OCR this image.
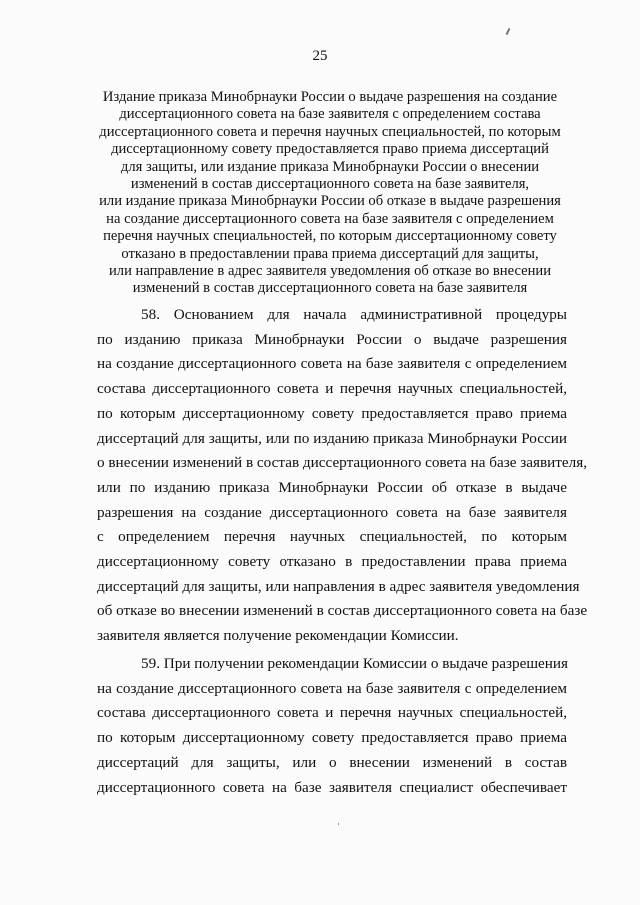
25
Издание приказа Минобрнауки России о выдаче разрешения на создание
диссертационного совета на базе заявителя с определением состава
диссертационного совета и перечня научных специальностей, по которым
диссертационному совету предоставляется право приема диссертаций
для защиты, или издание приказа Минобрнауки России о внесении
изменений в состав диссертационного совета на базе заявителя,
или издание приказа Минобрнауки России об отказе в выдаче разрешения
на создание диссертационного совета на базе заявителя с определением
перечня научных специальностей, по которым диссертационному совету
отказано в предоставлении права приема диссертаций для защиты,
или направление в адрес заявителя уведомления об отказе во внесении
изменений в состав диссертационного совета на базе заявителя
58. Основанием для начала административной процедуры
по изданию приказа Минобрнауки России о выдаче разрешения
на создание диссертационного совета на базе заявителя с определением
состава диссертационного совета и перечня научных специальностей,
по которым диссертационному совету предоставляется право приема
диссертаций для защиты, или по изданию приказа Минобрнауки России
о внесении изменений в состав диссертационного совета на базе заявителя,
или по изданию приказа Минобрнауки России об отказе в выдаче
разрешения на создание диссертационного совета на базе заявителя
с определением перечня научных специальностей, по которым
диссертационному совету отказано в предоставлении права приема
диссертаций для защиты, или направления в адрес заявителя уведомления
об отказе во внесении изменений в состав диссертационного совета на базе
заявителя является получение рекомендации Комиссии.
59. При получении рекомендации Комиссии о выдаче разрешения
на создание диссертационного совета на базе заявителя с определением
состава диссертационного совета и перечня научных специальностей,
по которым диссертационному совету предоставляется право приема
диссертаций для защиты, или о внесении изменений в состав
диссертационного совета на базе заявителя специалист обеспечивает
